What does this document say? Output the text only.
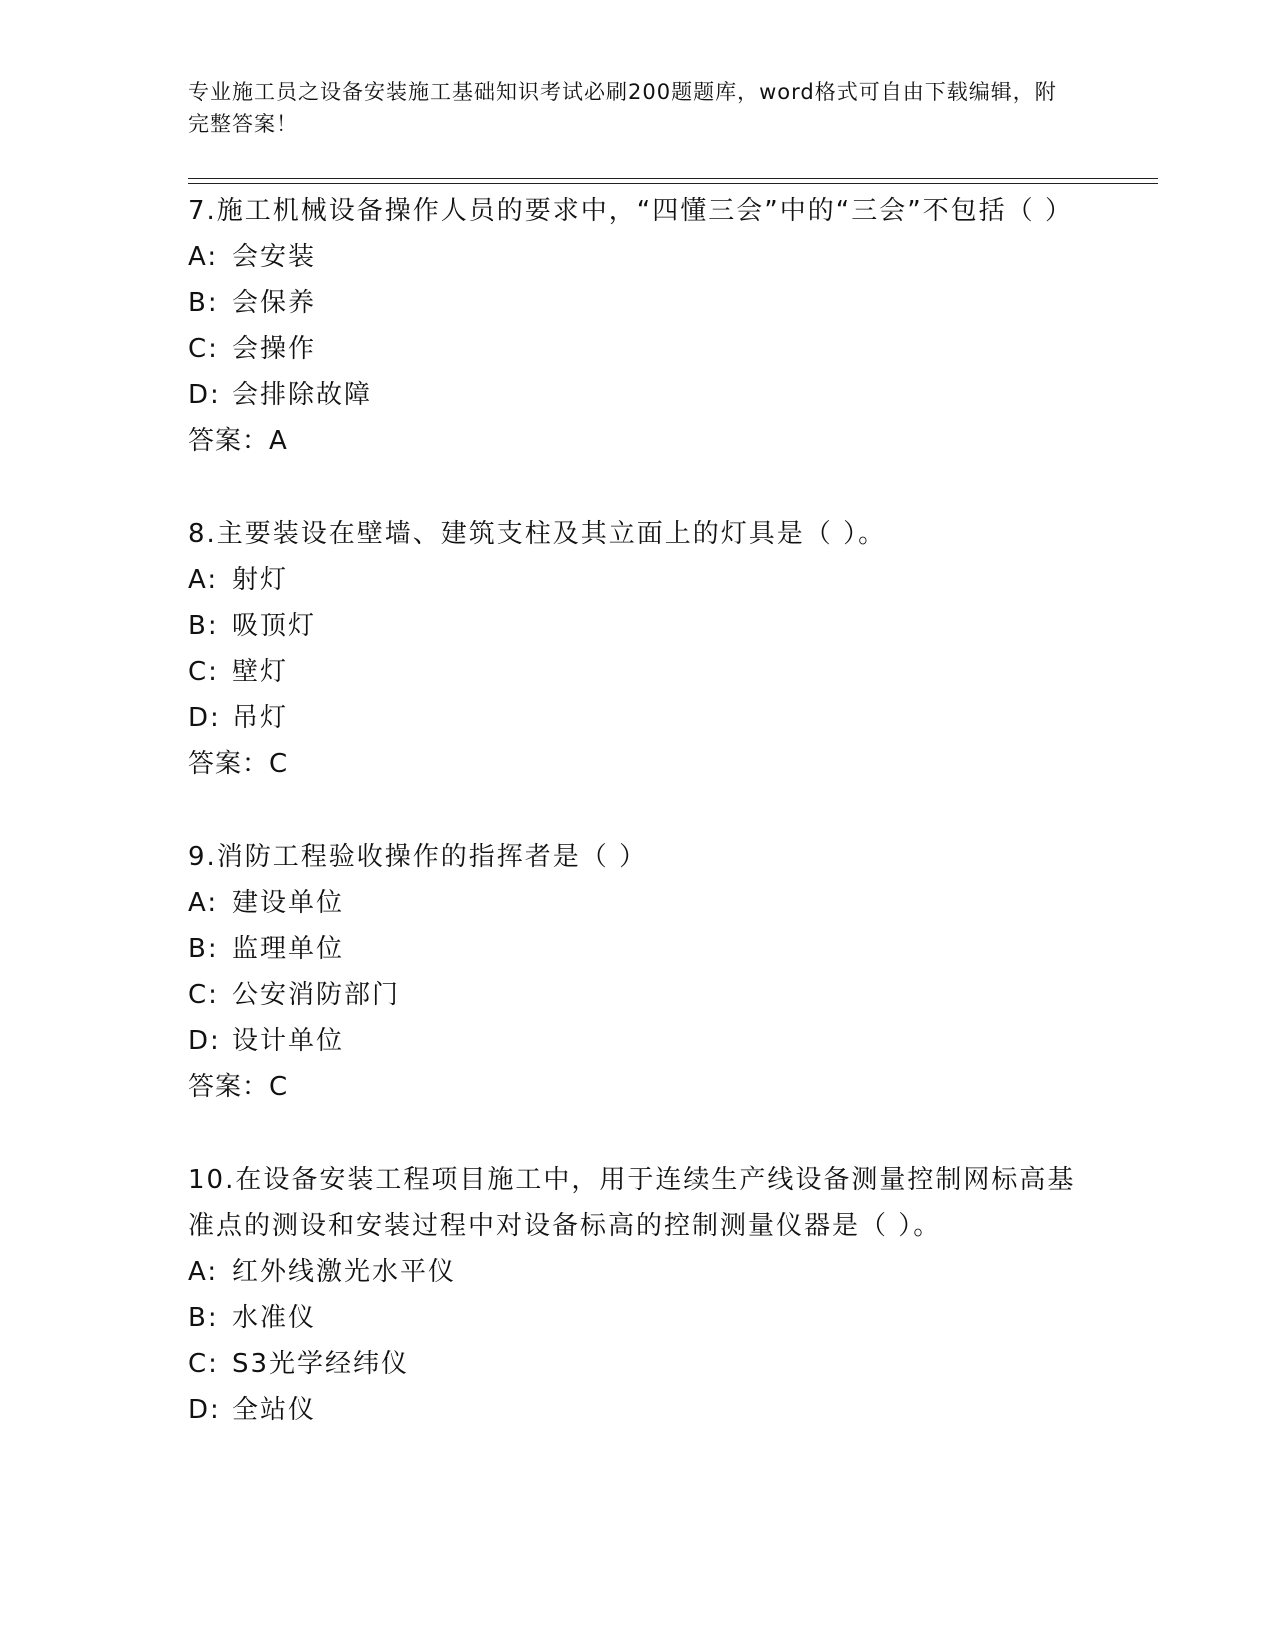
专业施工员之设备安装施工基础知识考试必刷200题题库，word格式可自由下载编辑，附完整答案！

7.施工机械设备操作人员的要求中，“四懂三会”中的“三会”不包括（ ）

A: 会安装
B: 会保养
C: 会操作
D: 会排除故障
答案：A

8.主要装设在壁墙、建筑支柱及其立面上的灯具是（ ）。

A: 射灯
B: 吸顶灯
C: 壁灯
D: 吊灯
答案：C

9.消防工程验收操作的指挥者是（ ）

A: 建设单位
B: 监理单位
C: 公安消防部门
D: 设计单位
答案：C

10.在设备安装工程项目施工中，用于连续生产线设备测量控制网标高基准点的测设和安装过程中对设备标高的控制测量仪器是（ ）。

A: 红外线激光水平仪
B: 水准仪
C: S3光学经纬仪
D: 全站仪
